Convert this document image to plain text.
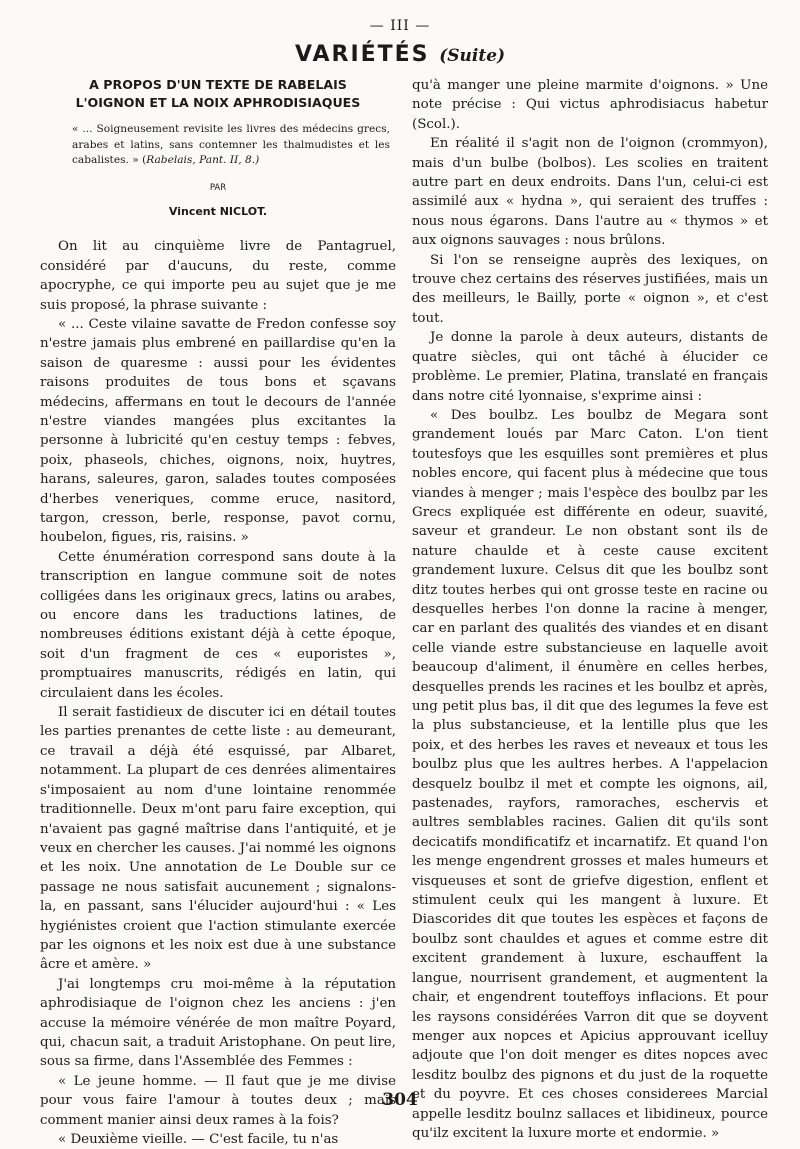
— III —
VARIÉTÉS (Suite)
A PROPOS D'UN TEXTE DE RABELAIS
L'OIGNON ET LA NOIX APHRODISIAQUES
« ... Soigneusement revisite les livres des médecins grecs, arabes et latins, sans contemner les thalmudistes et les cabalistes. » (Rabelais, Pant. II, 8.)
PAR
Vincent NICLOT.

On lit au cinquième livre de Pantagruel, considéré par d'aucuns, du reste, comme apocryphe, ce qui importe peu au sujet que je me suis proposé, la phrase suivante :

« ... Ceste vilaine savatte de Fredon confesse soy n'estre jamais plus embrené en paillardise qu'en la saison de quaresme : aussi pour les évidentes raisons produites de tous bons et sçavans médecins, affermans en tout le decours de l'année n'estre viandes mangées plus excitantes la personne à lubricité qu'en cestuy temps : febves, poix, phaseols, chiches, oignons, noix, huytres, harans, saleures, garon, salades toutes composées d'herbes veneriques, comme eruce, nasitord, targon, cresson, berle, response, pavot cornu, houbelon, figues, ris, raisins. »

Cette énumération correspond sans doute à la transcription en langue commune soit de notes colligées dans les originaux grecs, latins ou arabes, ou encore dans les traductions latines, de nombreuses éditions existant déjà à cette époque, soit d'un fragment de ces « euporistes », promptuaires manuscrits, rédigés en latin, qui circulaient dans les écoles.

Il serait fastidieux de discuter ici en détail toutes les parties prenantes de cette liste : au demeurant, ce travail a déjà été esquissé, par Albaret, notamment. La plupart de ces denrées alimentaires s'imposaient au nom d'une lointaine renommée traditionnelle. Deux m'ont paru faire exception, qui n'avaient pas gagné maîtrise dans l'antiquité, et je veux en chercher les causes. J'ai nommé les oignons et les noix. Une annotation de Le Double sur ce passage ne nous satisfait aucunement ; signalons-la, en passant, sans l'élucider aujourd'hui : « Les hygiénistes croient que l'action stimulante exercée par les oignons et les noix est due à une substance âcre et amère. »

J'ai longtemps cru moi-même à la réputation aphrodisiaque de l'oignon chez les anciens : j'en accuse la mémoire vénérée de mon maître Poyard, qui, chacun sait, a traduit Aristophane. On peut lire, sous sa firme, dans l'Assemblée des Femmes :

« Le jeune homme. — Il faut que je me divise pour vous faire l'amour à toutes deux ; mais comment manier ainsi deux rames à la fois?

« Deuxième vieille. — C'est facile, tu n'as

qu'à manger une pleine marmite d'oignons. » Une note précise : Qui victus aphrodisiacus habetur (Scol.).

En réalité il s'agit non de l'oignon (crommyon), mais d'un bulbe (bolbos). Les scolies en traitent autre part en deux endroits. Dans l'un, celui-ci est assimilé aux « hydna », qui seraient des truffes : nous nous égarons. Dans l'autre au « thymos » et aux oignons sauvages : nous brûlons.

Si l'on se renseigne auprès des lexiques, on trouve chez certains des réserves justifiées, mais un des meilleurs, le Bailly, porte « oignon », et c'est tout.

Je donne la parole à deux auteurs, distants de quatre siècles, qui ont tâché à élucider ce problème. Le premier, Platina, translaté en français dans notre cité lyonnaise, s'exprime ainsi :

« Des boulbz. Les boulbz de Megara sont grandement loués par Marc Caton. L'on tient toutesfoys que les esquilles sont premières et plus nobles encore, qui facent plus à médecine que tous viandes à menger ; mais l'espèce des boulbz par les Grecs expliquée est différente en odeur, suavité, saveur et grandeur. Le non obstant sont ils de nature chaulde et à ceste cause excitent grandement luxure. Celsus dit que les boulbz sont ditz toutes herbes qui ont grosse teste en racine ou desquelles herbes l'on donne la racine à menger, car en parlant des qualités des viandes et en disant celle viande estre substancieuse en laquelle avoit beaucoup d'aliment, il énumère en celles herbes, desquelles prends les racines et les boulbz et après, ung petit plus bas, il dit que des legumes la feve est la plus substancieuse, et la lentille plus que les poix, et des herbes les raves et neveaux et tous les boulbz plus que les aultres herbes. A l'appelacion desquelz boulbz il met et compte les oignons, ail, pastenades, rayfors, ramoraches, eschervis et aultres semblables racines. Galien dit qu'ils sont decicatifs mondificatifz et incarnatifz. Et quand l'on les menge engendrent grosses et males humeurs et visqueuses et sont de griefve digestion, enflent et stimulent ceulx qui les mangent à luxure. Et Diascorides dit que toutes les espèces et façons de boulbz sont chauldes et agues et comme estre dit excitent grandement à luxure, eschauffent la langue, nourrisent grandement, et augmentent la chair, et engendrent touteffoys inflacions. Et pour les raysons considérées Varron dit que se doyvent menger aux nopces et Apicius approuvant icelluy adjoute que l'on doit menger es dites nopces avec lesditz boulbz des pignons et du just de la roquette et du poyvre. Et ces choses considerees Marcial appelle lesditz boulnz sallaces et libidineux, pource qu'ilz excitent la luxure morte et endormie. »

304
